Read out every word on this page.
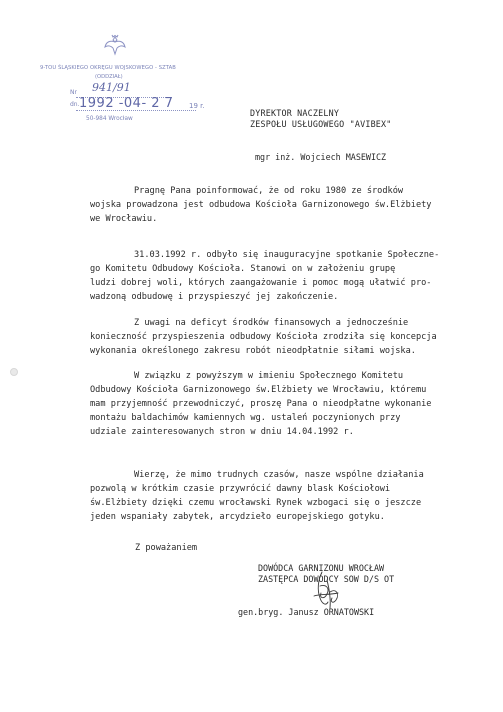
9-TOU ŚLĄSKIEGO OKRĘGU WOJSKOWEGO - SZTAB
(ODDZIAŁ)
Nr 941/91
dn. 1992 -04- 2 7 19 r.
50-984 Wrocław
DYREKTOR NACZELNY
ZESPOŁU USŁUGOWEGO "AVIBEX"
mgr inż. Wojciech MASEWICZ
Pragnę Pana poinformować, że od roku 1980 ze środków
wojska prowadzona jest odbudowa Kościoła Garnizonowego św.Elżbiety
we Wrocławiu.
31.03.1992 r. odbyło się inauguracyjne spotkanie Społeczne-
go Komitetu Odbudowy Kościoła. Stanowi on w założeniu grupę
ludzi dobrej woli, których zaangażowanie i pomoc mogą ułatwić pro-
wadzoną odbudowę i przyspieszyć jej zakończenie.
Z uwagi na deficyt środków finansowych a jednocześnie
konieczność przyspieszenia odbudowy Kościoła zrodziła się koncepcja
wykonania określonego zakresu robót nieodpłatnie siłami wojska.
W związku z powyższym w imieniu Społecznego Komitetu
Odbudowy Kościoła Garnizonowego św.Elżbiety we Wrocławiu, któremu
mam przyjemność przewodniczyć, proszę Pana o nieodpłatne wykonanie
montażu baldachimów kamiennych wg. ustaleń poczynionych przy
udziale zainteresowanych stron w dniu 14.04.1992 r.
Wierzę, że mimo trudnych czasów, nasze wspólne działania
pozwolą w krótkim czasie przywrócić dawny blask Kościołowi
św.Elżbiety dzięki czemu wrocławski Rynek wzbogaci się o jeszcze
jeden wspaniały zabytek, arcydzieło europejskiego gotyku.
Z poważaniem
DOWÓDCA GARNIZONU WROCŁAW
ZASTĘPCA DOWÓDCY SOW D/S OT
gen.bryg. Janusz ORNATOWSKI
